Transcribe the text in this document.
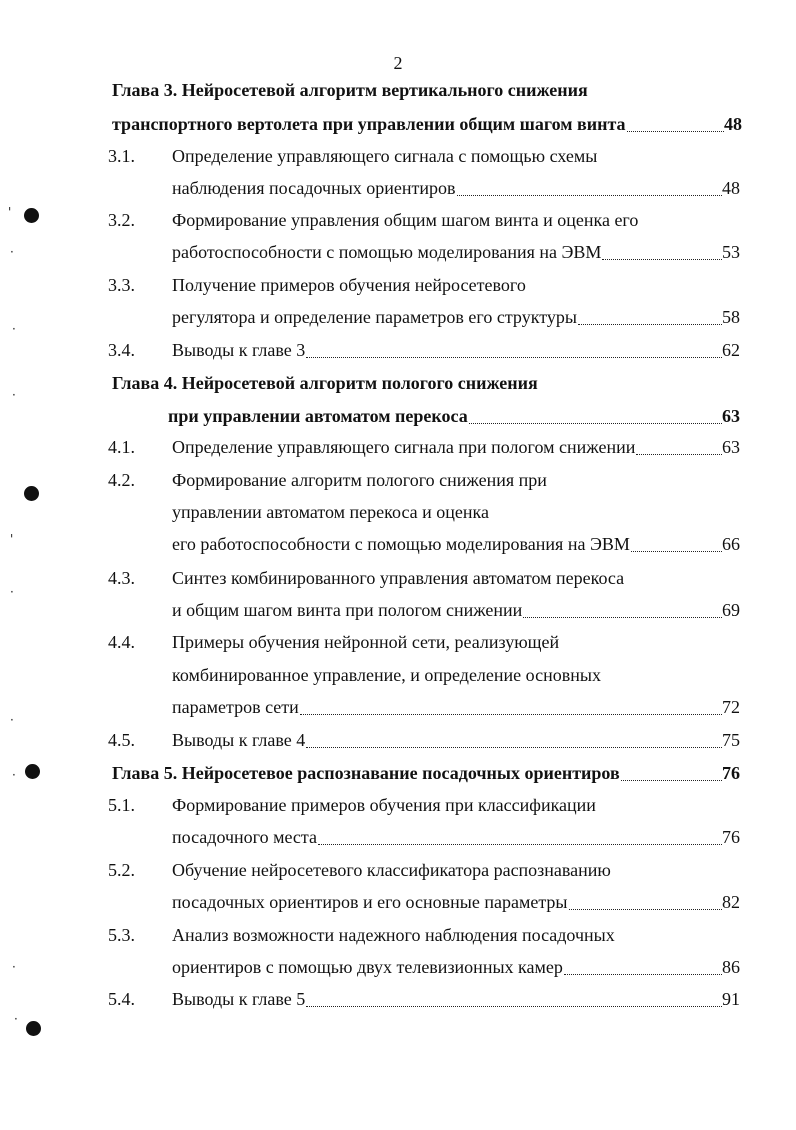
2
Глава 3. Нейросетевой алгоритм вертикального снижения
транспортного вертолета при управлении общим шагом винта	48
3.1. Определение управляющего сигнала с помощью схемы
наблюдения посадочных ориентиров	48
3.2. Формирование управления общим шагом винта и оценка его
работоспособности с помощью моделирования на ЭВМ	53
3.3. Получение примеров обучения нейросетевого
регулятора и определение параметров его структуры	58
3.4. Выводы к главе 3	62
Глава 4. Нейросетевой алгоритм пологого снижения
при управлении автоматом перекоса	63
4.1. Определение управляющего сигнала при пологом снижении	63
4.2. Формирование алгоритм пологого снижения при
управлении автоматом перекоса и оценка
его работоспособности с помощью моделирования на ЭВМ	66
4.3. Синтез комбинированного управления автоматом перекоса
и общим шагом винта при пологом снижении	69
4.4. Примеры обучения нейронной сети, реализующей
комбинированное управление, и определение основных
параметров сети	72
4.5. Выводы к главе 4	75
Глава 5. Нейросетевое распознавание посадочных ориентиров	76
5.1. Формирование примеров обучения при классификации
посадочного места	76
5.2. Обучение нейросетевого классификатора распознаванию
посадочных ориентиров и его основные параметры	82
5.3. Анализ возможности надежного наблюдения посадочных
ориентиров с помощью двух телевизионных камер	86
5.4. Выводы к главе 5	91
'
·
·
·
'
·
·
·
·
·
